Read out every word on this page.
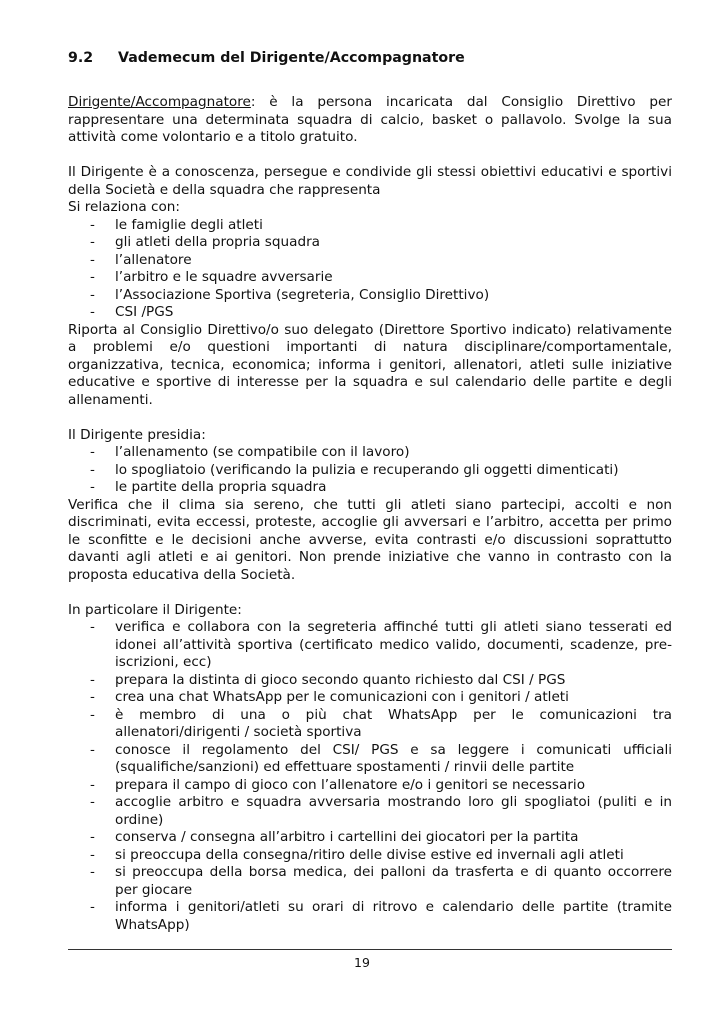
9.2 Vademecum del Dirigente/Accompagnatore

Dirigente/Accompagnatore: è la persona incaricata dal Consiglio Direttivo per rappresentare una determinata squadra di calcio, basket o pallavolo. Svolge la sua attività come volontario e a titolo gratuito.

Il Dirigente è a conoscenza, persegue e condivide gli stessi obiettivi educativi e sportivi della Società e della squadra che rappresenta

Si relaziona con:

- le famiglie degli atleti
- gli atleti della propria squadra
- l’allenatore
- l’arbitro e le squadre avversarie
- l’Associazione Sportiva (segreteria, Consiglio Direttivo)
- CSI /PGS

Riporta al Consiglio Direttivo/o suo delegato (Direttore Sportivo indicato) relativamente a problemi e/o questioni importanti di natura disciplinare/comportamentale, organizzativa, tecnica, economica; informa i genitori, allenatori, atleti sulle iniziative educative e sportive di interesse per la squadra e sul calendario delle partite e degli allenamenti.

Il Dirigente presidia:

- l’allenamento (se compatibile con il lavoro)
- lo spogliatoio (verificando la pulizia e recuperando gli oggetti dimenticati)
- le partite della propria squadra

Verifica che il clima sia sereno, che tutti gli atleti siano partecipi, accolti e non discriminati, evita eccessi, proteste, accoglie gli avversari e l’arbitro, accetta per primo le sconfitte e le decisioni anche avverse, evita contrasti e/o discussioni soprattutto davanti agli atleti e ai genitori. Non prende iniziative che vanno in contrasto con la proposta educativa della Società.

In particolare il Dirigente:

- verifica e collabora con la segreteria affinché tutti gli atleti siano tesserati ed idonei all’attività sportiva (certificato medico valido, documenti, scadenze, pre-iscrizioni, ecc)
- prepara la distinta di gioco secondo quanto richiesto dal CSI / PGS
- crea una chat WhatsApp per le comunicazioni con i genitori / atleti
- è membro di una o più chat WhatsApp per le comunicazioni tra allenatori/dirigenti / società sportiva
- conosce il regolamento del CSI/ PGS e sa leggere i comunicati ufficiali (squalifiche/sanzioni) ed effettuare spostamenti / rinvii delle partite
- prepara il campo di gioco con l’allenatore e/o i genitori se necessario
- accoglie arbitro e squadra avversaria mostrando loro gli spogliatoi (puliti e in ordine)
- conserva / consegna all’arbitro i cartellini dei giocatori per la partita
- si preoccupa della consegna/ritiro delle divise estive ed invernali agli atleti
- si preoccupa della borsa medica, dei palloni da trasferta e di quanto occorrere per giocare
- informa i genitori/atleti su orari di ritrovo e calendario delle partite (tramite WhatsApp)
19
